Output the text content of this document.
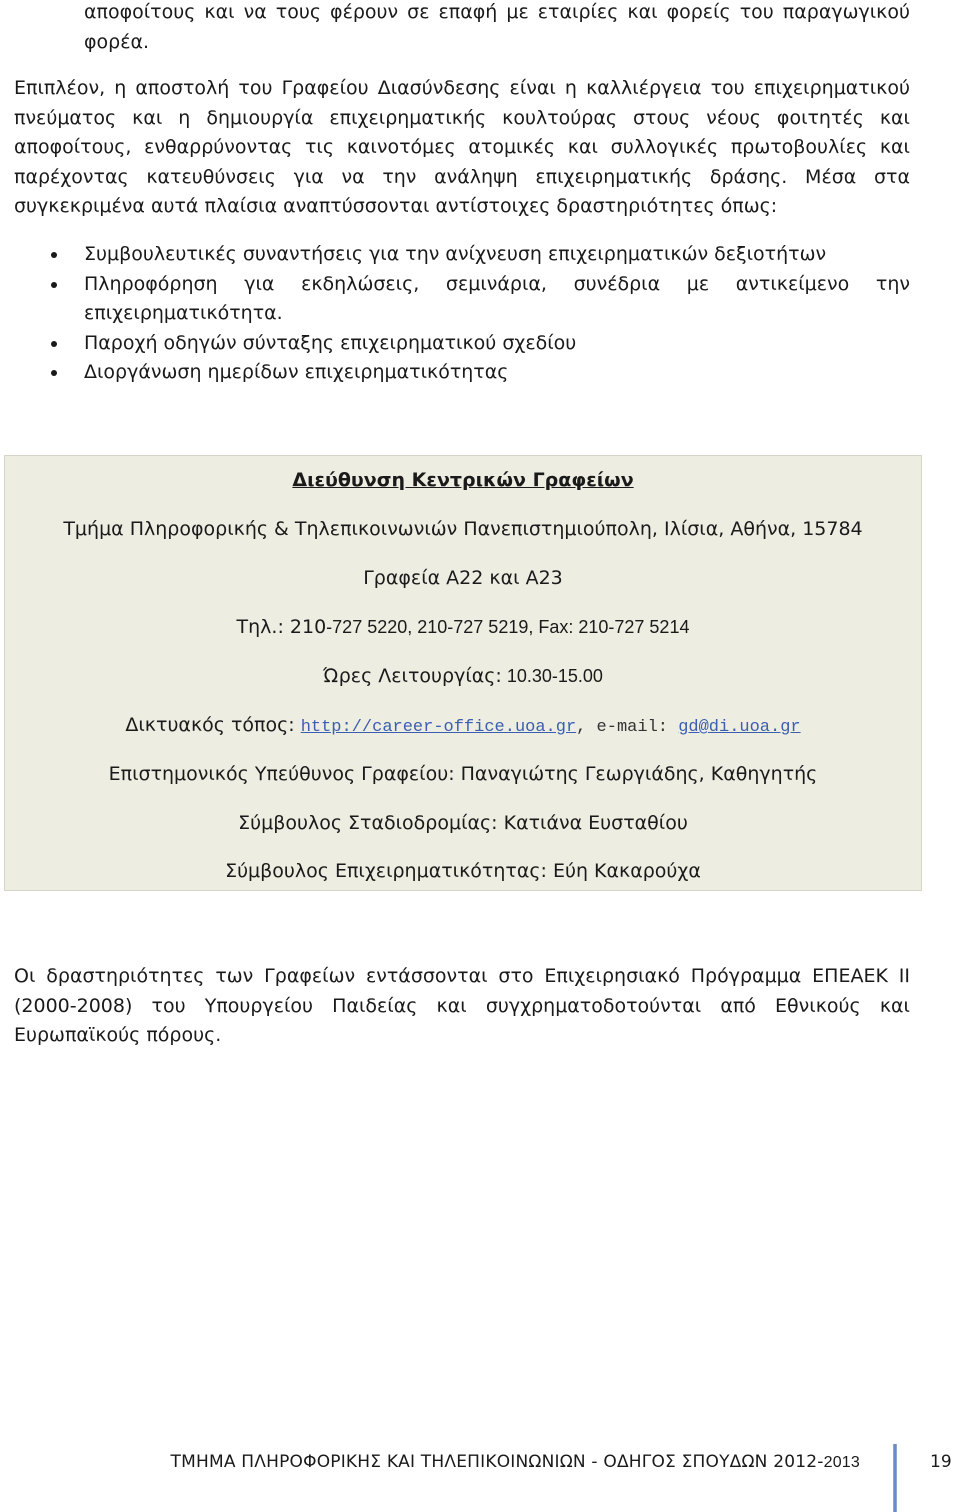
αποφοίτους και να τους φέρουν σε επαφή με εταιρίες και φορείς του παραγωγικού φορέα.

Επιπλέον, η αποστολή του Γραφείου Διασύνδεσης είναι η καλλιέργεια του επιχειρηματικού πνεύματος και η δημιουργία επιχειρηματικής κουλτούρας στους νέους φοιτητές και αποφοίτους, ενθαρρύνοντας τις καινοτόμες ατομικές και συλλογικές πρωτοβουλίες και παρέχοντας κατευθύνσεις για να την ανάληψη επιχειρηματικής δράσης. Μέσα στα συγκεκριμένα αυτά πλαίσια αναπτύσσονται αντίστοιχες δραστηριότητες όπως:

Συμβουλευτικές συναντήσεις για την ανίχνευση επιχειρηματικών δεξιοτήτων
Πληροφόρηση για εκδηλώσεις, σεμινάρια, συνέδρια με αντικείμενο την επιχειρηματικότητα.
Παροχή οδηγών σύνταξης επιχειρηματικού σχεδίου
Διοργάνωση ημερίδων επιχειρηματικότητας
Διεύθυνση Κεντρικών Γραφείων
Τμήμα Πληροφορικής & Τηλεπικοινωνιών Πανεπιστημιούπολη, Ιλίσια, Αθήνα, 15784
Γραφεία Α22 και Α23
Τηλ.: 210-727 5220, 210-727 5219, Fax: 210-727 5214
Ώρες Λειτουργίας: 10.30-15.00
Δικτυακός τόπος: http://career-office.uoa.gr, e-mail: gd@di.uoa.gr
Επιστημονικός Υπεύθυνος Γραφείου: Παναγιώτης Γεωργιάδης, Καθηγητής
Σύμβουλος Σταδιοδρομίας: Κατιάνα Ευσταθίου
Σύμβουλος Επιχειρηματικότητας: Εύη Κακαρούχα

Οι δραστηριότητες των Γραφείων εντάσσονται στο Επιχειρησιακό Πρόγραμμα ΕΠΕΑΕΚ ΙΙ (2000-2008) του Υπουργείου Παιδείας και συγχρηματοδοτούνται από Εθνικούς και Ευρωπαϊκούς πόρους.

ΤΜΗΜΑ ΠΛΗΡΟΦΟΡΙΚΗΣ ΚΑΙ ΤΗΛΕΠΙΚΟΙΝΩΝΙΩΝ - ΟΔΗΓΟΣ ΣΠΟΥΔΩΝ 2012-2013	19
